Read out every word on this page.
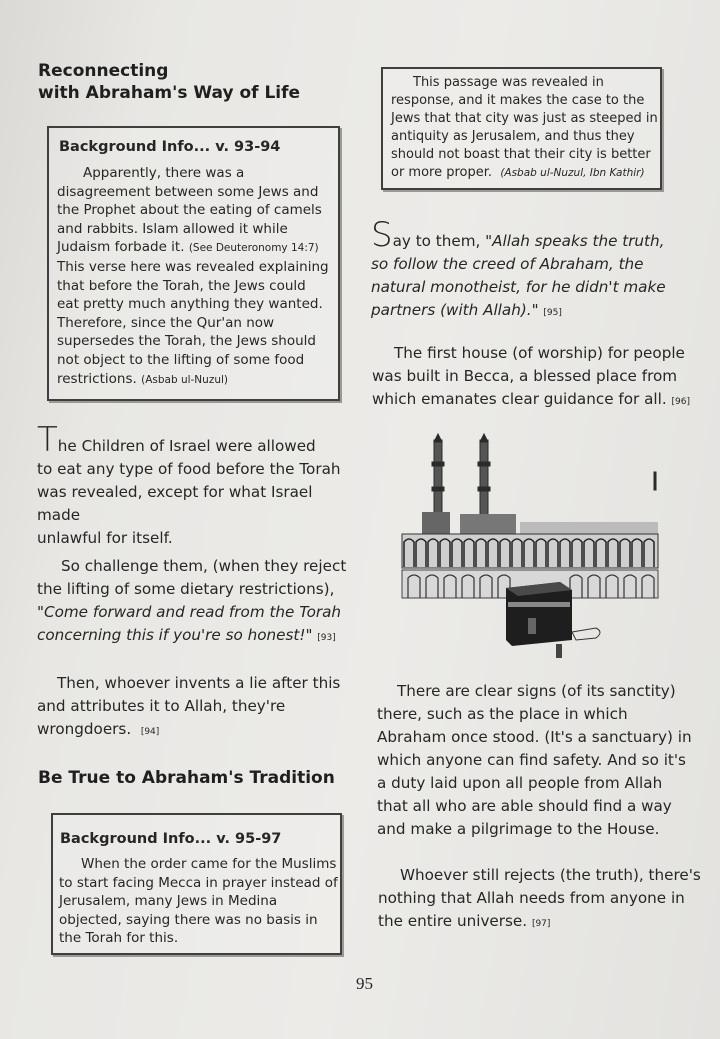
Reconnecting
with Abraham's Way of Life
Background Info... v. 93-94
Apparently, there was a
disagreement between some Jews and
the Prophet about the eating of camels
and rabbits. Islam allowed it while
Judaism forbade it. (See Deuteronomy 14:7)
This verse here was revealed explaining
that before the Torah, the Jews could
eat pretty much anything they wanted.
Therefore, since the Qur'an now
supersedes the Torah, the Jews should
not object to the lifting of some food
restrictions. (Asbab ul-Nuzul)
The Children of Israel were allowed
to eat any type of food before the Torah
was revealed, except for what Israel made
unlawful for itself.
So challenge them, (when they reject
the lifting of some dietary restrictions),
"Come forward and read from the Torah
concerning this if you're so honest!" [93]
Then, whoever invents a lie after this
and attributes it to Allah, they're
wrongdoers. [94]
Be True to Abraham's Tradition
Background Info... v. 95-97
When the order came for the Muslims
to start facing Mecca in prayer instead of
Jerusalem, many Jews in Medina
objected, saying there was no basis in
the Torah for this.
This passage was revealed in
response, and it makes the case to the
Jews that that city was just as steeped in
antiquity as Jerusalem, and thus they
should not boast that their city is better
or more proper. (Asbab ul-Nuzul, Ibn Kathir)
Say to them, "Allah speaks the truth,
so follow the creed of Abraham, the
natural monotheist, for he didn't make
partners (with Allah)." [95]
The first house (of worship) for people
was built in Becca, a blessed place from
which emanates clear guidance for all. [96]
There are clear signs (of its sanctity)
there, such as the place in which
Abraham once stood. (It's a sanctuary) in
which anyone can find safety. And so it's
a duty laid upon all people from Allah
that all who are able should find a way
and make a pilgrimage to the House.
Whoever still rejects (the truth), there's
nothing that Allah needs from anyone in
the entire universe. [97]
95
